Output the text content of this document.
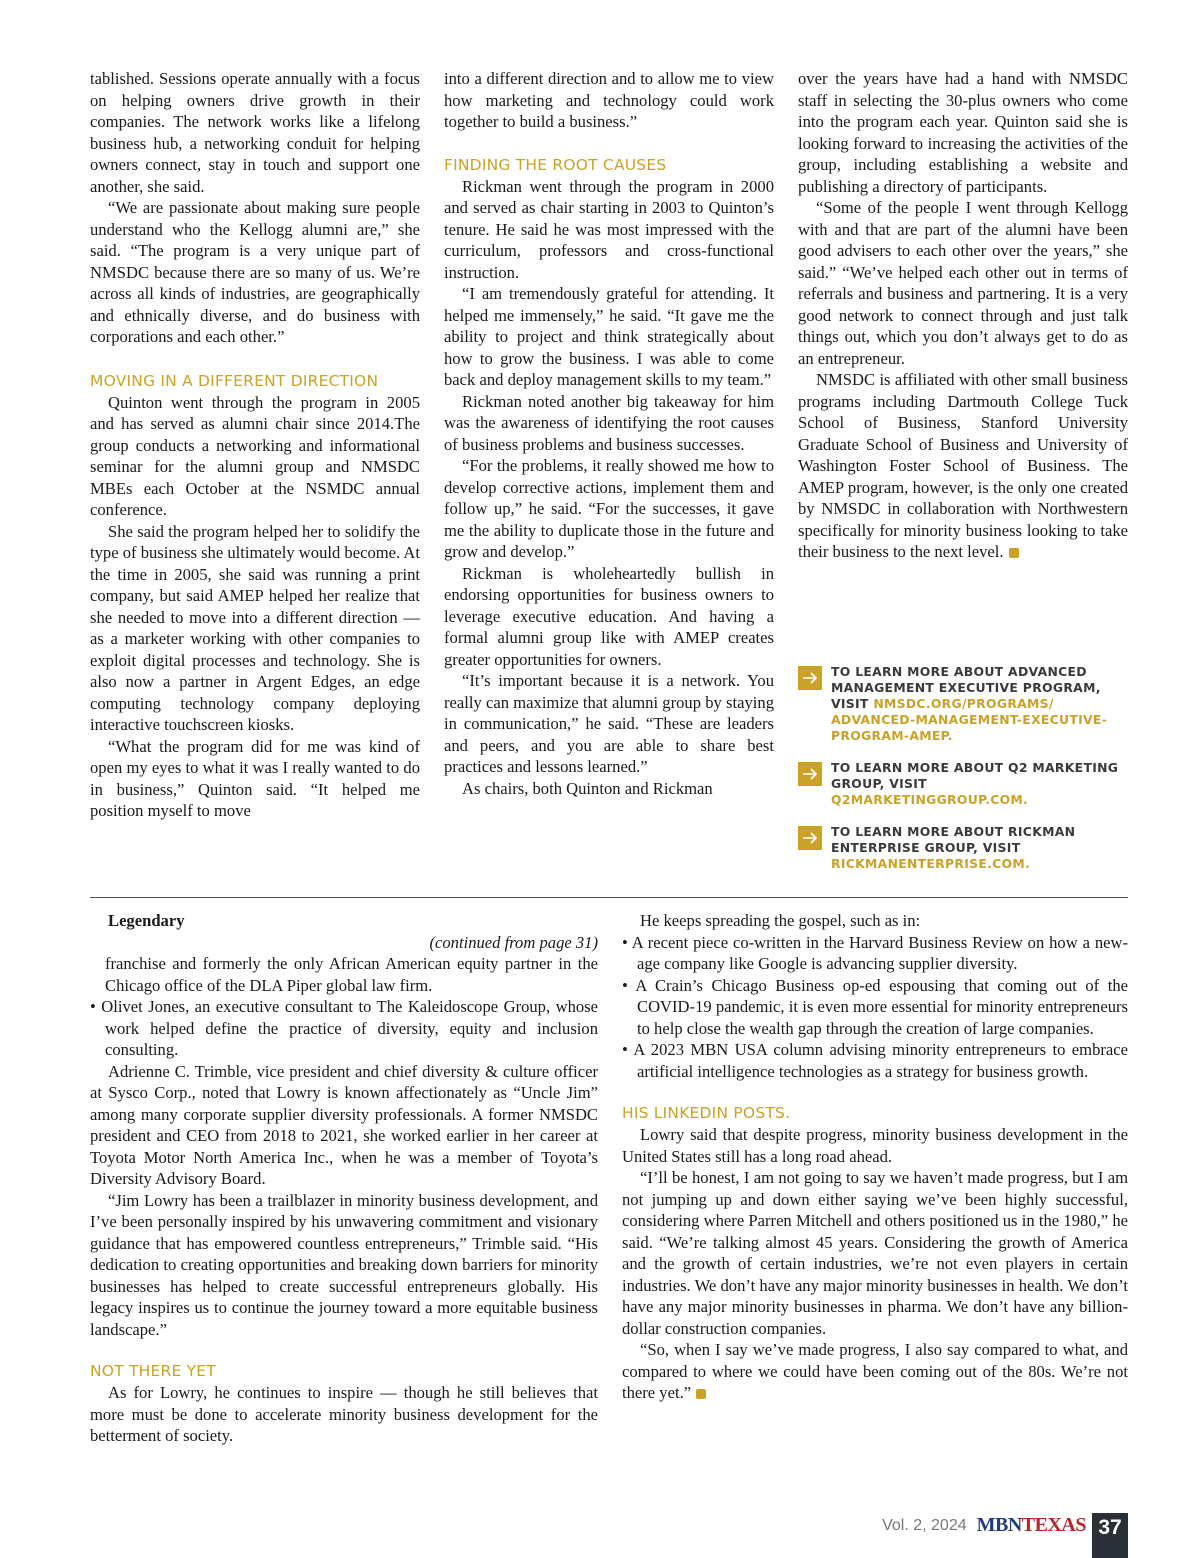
tablished. Sessions operate annually with a focus on helping owners drive growth in their companies. The network works like a lifelong business hub, a networking conduit for helping owners connect, stay in touch and support one another, she said.

“We are passionate about making sure people understand who the Kellogg alumni are,” she said. “The program is a very unique part of NMSDC because there are so many of us. We’re across all kinds of industries, are geographically and ethnically diverse, and do business with corporations and each other.”

MOVING IN A DIFFERENT DIRECTION

Quinton went through the program in 2005 and has served as alumni chair since 2014.The group conducts a networking and informational seminar for the alumni group and NMSDC MBEs each October at the NSMDC annual conference.

She said the program helped her to solidify the type of business she ultimately would become. At the time in 2005, she said was running a print company, but said AMEP helped her realize that she needed to move into a different direction — as a marketer working with other companies to exploit digital processes and technology. She is also now a partner in Argent Edges, an edge computing technology company deploying interactive touchscreen kiosks.

“What the program did for me was kind of open my eyes to what it was I really wanted to do in business,” Quinton said. “It helped me position myself to move

into a different direction and to allow me to view how marketing and technology could work together to build a business.”

FINDING THE ROOT CAUSES

Rickman went through the program in 2000 and served as chair starting in 2003 to Quinton’s tenure. He said he was most impressed with the curriculum, professors and cross-functional instruction.

“I am tremendously grateful for attending. It helped me immensely,” he said. “It gave me the ability to project and think strategically about how to grow the business. I was able to come back and deploy management skills to my team.”

Rickman noted another big takeaway for him was the awareness of identifying the root causes of business problems and business successes.

“For the problems, it really showed me how to develop corrective actions, implement them and follow up,” he said. “For the successes, it gave me the ability to duplicate those in the future and grow and develop.”

Rickman is wholeheartedly bullish in endorsing opportunities for business owners to leverage executive education. And having a formal alumni group like with AMEP creates greater opportunities for owners.

“It’s important because it is a network. You really can maximize that alumni group by staying in communication,” he said. “These are leaders and peers, and you are able to share best practices and lessons learned.”

As chairs, both Quinton and Rickman

over the years have had a hand with NMSDC staff in selecting the 30-plus owners who come into the program each year. Quinton said she is looking forward to increasing the activities of the group, including establishing a website and publishing a directory of participants.

“Some of the people I went through Kellogg with and that are part of the alumni have been good advisers to each other over the years,” she said.” “We’ve helped each other out in terms of referrals and business and partnering. It is a very good network to connect through and just talk things out, which you don’t always get to do as an entrepreneur.

NMSDC is affiliated with other small business programs including Dartmouth College Tuck School of Business, Stanford University Graduate School of Business and University of Washington Foster School of Business. The AMEP program, however, is the only one created by NMSDC in collaboration with Northwestern specifically for minority business looking to take their business to the next level.

TO LEARN MORE ABOUT ADVANCED MANAGEMENT EXECUTIVE PROGRAM, VISIT NMSDC.ORG/PROGRAMS/ ADVANCED-MANAGEMENT-EXECUTIVE-PROGRAM-AMEP.
TO LEARN MORE ABOUT Q2 MARKETING GROUP, VISIT Q2MARKETINGGROUP.COM.
TO LEARN MORE ABOUT RICKMAN ENTERPRISE GROUP, VISIT RICKMANENTERPRISE.COM.

Legendary

(continued from page 31)

franchise and formerly the only African American equity partner in the Chicago office of the DLA Piper global law firm.

• Olivet Jones, an executive consultant to The Kaleidoscope Group, whose work helped define the practice of diversity, equity and inclusion consulting.

Adrienne C. Trimble, vice president and chief diversity & culture officer at Sysco Corp., noted that Lowry is known affectionately as “Uncle Jim” among many corporate supplier diversity professionals. A former NMSDC president and CEO from 2018 to 2021, she worked earlier in her career at Toyota Motor North America Inc., when he was a member of Toyota’s Diversity Advisory Board.

“Jim Lowry has been a trailblazer in minority business development, and I’ve been personally inspired by his unwavering commitment and visionary guidance that has empowered countless entrepreneurs,” Trimble said. “His dedication to creating opportunities and breaking down barriers for minority businesses has helped to create successful entrepreneurs globally. His legacy inspires us to continue the journey toward a more equitable business landscape.”

NOT THERE YET

As for Lowry, he continues to inspire — though he still believes that more must be done to accelerate minority business development for the betterment of society.

He keeps spreading the gospel, such as in:

• A recent piece co-written in the Harvard Business Review on how a new-age company like Google is advancing supplier diversity.

• A Crain’s Chicago Business op-ed espousing that coming out of the COVID-19 pandemic, it is even more essential for minority entrepreneurs to help close the wealth gap through the creation of large companies.

• A 2023 MBN USA column advising minority entrepreneurs to embrace artificial intelligence technologies as a strategy for business growth.

HIS LINKEDIN POSTS.

Lowry said that despite progress, minority business development in the United States still has a long road ahead.

“I’ll be honest, I am not going to say we haven’t made progress, but I am not jumping up and down either saying we’ve been highly successful, considering where Parren Mitchell and others positioned us in the 1980,” he said. “We’re talking almost 45 years. Considering the growth of America and the growth of certain industries, we’re not even players in certain industries. We don’t have any major minority businesses in health. We don’t have any major minority businesses in pharma. We don’t have any billion-dollar construction companies.

“So, when I say we’ve made progress, I also say compared to what, and compared to where we could have been coming out of the 80s. We’re not there yet.”

Vol. 2, 2024 MBNTEXAS 37
